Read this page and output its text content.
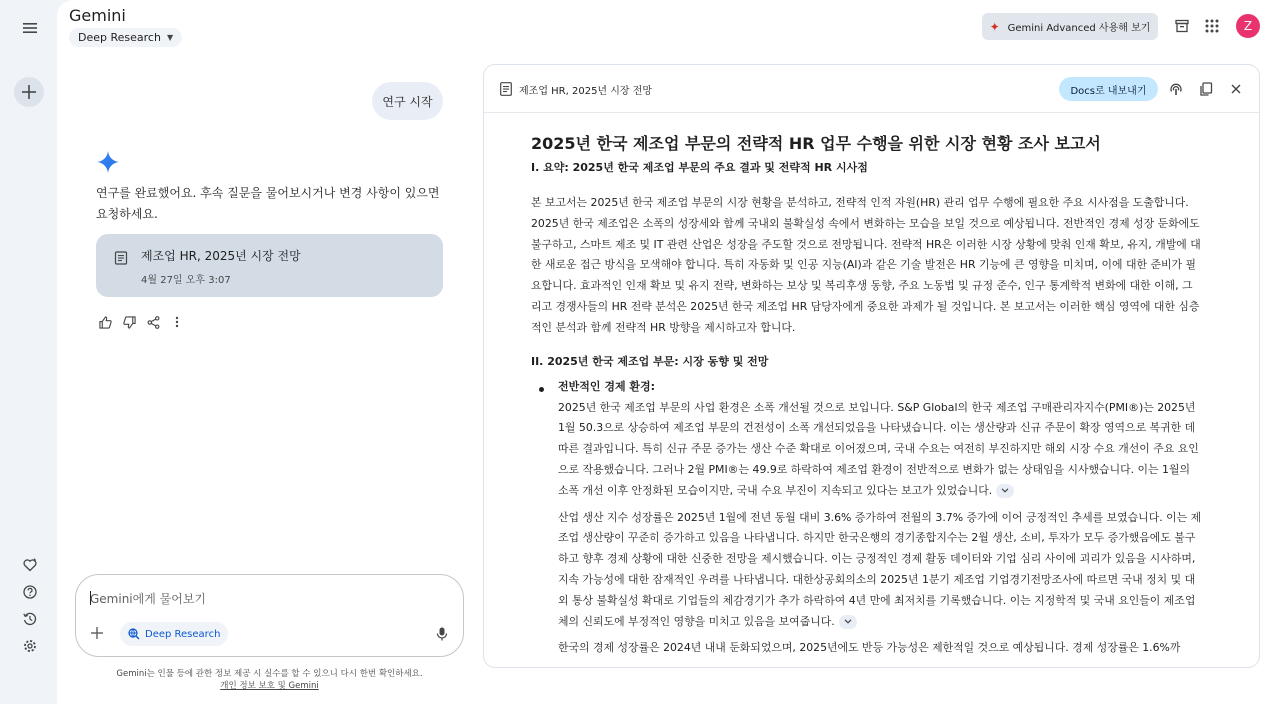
Gemini
Deep Research ▼
✦ Gemini Advanced 사용해 보기	Z
연구 시작
연구를 완료했어요. 후속 질문을 물어보시거나 변경 사항이 있으면 요청하세요.
제조업 HR, 2025년 시장 전망
4월 27일 오후 3:07
Gemini에게 물어보기
Deep Research
Gemini는 인물 등에 관한 정보 제공 시 실수를 할 수 있으니 다시 한번 확인하세요.
개인 정보 보호 및 Gemini
제조업 HR, 2025년 시장 전망	Docs로 내보내기
2025년 한국 제조업 부문의 전략적 HR 업무 수행을 위한 시장 현황 조사 보고서
I. 요약: 2025년 한국 제조업 부문의 주요 결과 및 전략적 HR 시사점

본 보고서는 2025년 한국 제조업 부문의 시장 현황을 분석하고, 전략적 인적 자원(HR) 관리 업무 수행에 필요한 주요 시사점을 도출합니다. 2025년 한국 제조업은 소폭의 성장세와 함께 국내외 불확실성 속에서 변화하는 모습을 보일 것으로 예상됩니다. 전반적인 경제 성장 둔화에도 불구하고, 스마트 제조 및 IT 관련 산업은 성장을 주도할 것으로 전망됩니다. 전략적 HR은 이러한 시장 상황에 맞춰 인재 확보, 유지, 개발에 대한 새로운 접근 방식을 모색해야 합니다. 특히 자동화 및 인공 지능(AI)과 같은 기술 발전은 HR 기능에 큰 영향을 미치며, 이에 대한 준비가 필요합니다. 효과적인 인재 확보 및 유지 전략, 변화하는 보상 및 복리후생 동향, 주요 노동법 및 규정 준수, 인구 통계학적 변화에 대한 이해, 그리고 경쟁사들의 HR 전략 분석은 2025년 한국 제조업 HR 담당자에게 중요한 과제가 될 것입니다. 본 보고서는 이러한 핵심 영역에 대한 심층적인 분석과 함께 전략적 HR 방향을 제시하고자 합니다.

II. 2025년 한국 제조업 부문: 시장 동향 및 전망
전반적인 경제 환경:

2025년 한국 제조업 부문의 사업 환경은 소폭 개선될 것으로 보입니다. S&P Global의 한국 제조업 구매관리자지수(PMI®)는 2025년 1월 50.3으로 상승하여 제조업 부문의 건전성이 소폭 개선되었음을 나타냈습니다. 이는 생산량과 신규 주문이 확장 영역으로 복귀한 데 따른 결과입니다. 특히 신규 주문 증가는 생산 수준 확대로 이어졌으며, 국내 수요는 여전히 부진하지만 해외 시장 수요 개선이 주요 요인으로 작용했습니다. 그러나 2월 PMI®는 49.9로 하락하여 제조업 환경이 전반적으로 변화가 없는 상태임을 시사했습니다. 이는 1월의 소폭 개선 이후 안정화된 모습이지만, 국내 수요 부진이 지속되고 있다는 보고가 있었습니다.

산업 생산 지수 성장률은 2025년 1월에 전년 동월 대비 3.6% 증가하여 전월의 3.7% 증가에 이어 긍정적인 추세를 보였습니다. 이는 제조업 생산량이 꾸준히 증가하고 있음을 나타냅니다. 하지만 한국은행의 경기종합지수는 2월 생산, 소비, 투자가 모두 증가했음에도 불구하고 향후 경제 상황에 대한 신중한 전망을 제시했습니다. 이는 긍정적인 경제 활동 데이터와 기업 심리 사이에 괴리가 있음을 시사하며, 지속 가능성에 대한 잠재적인 우려를 나타냅니다. 대한상공회의소의 2025년 1분기 제조업 기업경기전망조사에 따르면 국내 정치 및 대외 통상 불확실성 확대로 기업들의 체감경기가 추가 하락하여 4년 만에 최저치를 기록했습니다. 이는 지정학적 및 국내 요인들이 제조업체의 신뢰도에 부정적인 영향을 미치고 있음을 보여줍니다.

한국의 경제 성장률은 2024년 내내 둔화되었으며, 2025년에도 반등 가능성은 제한적일 것으로 예상됩니다. 경제 성장률은 1.6%까
